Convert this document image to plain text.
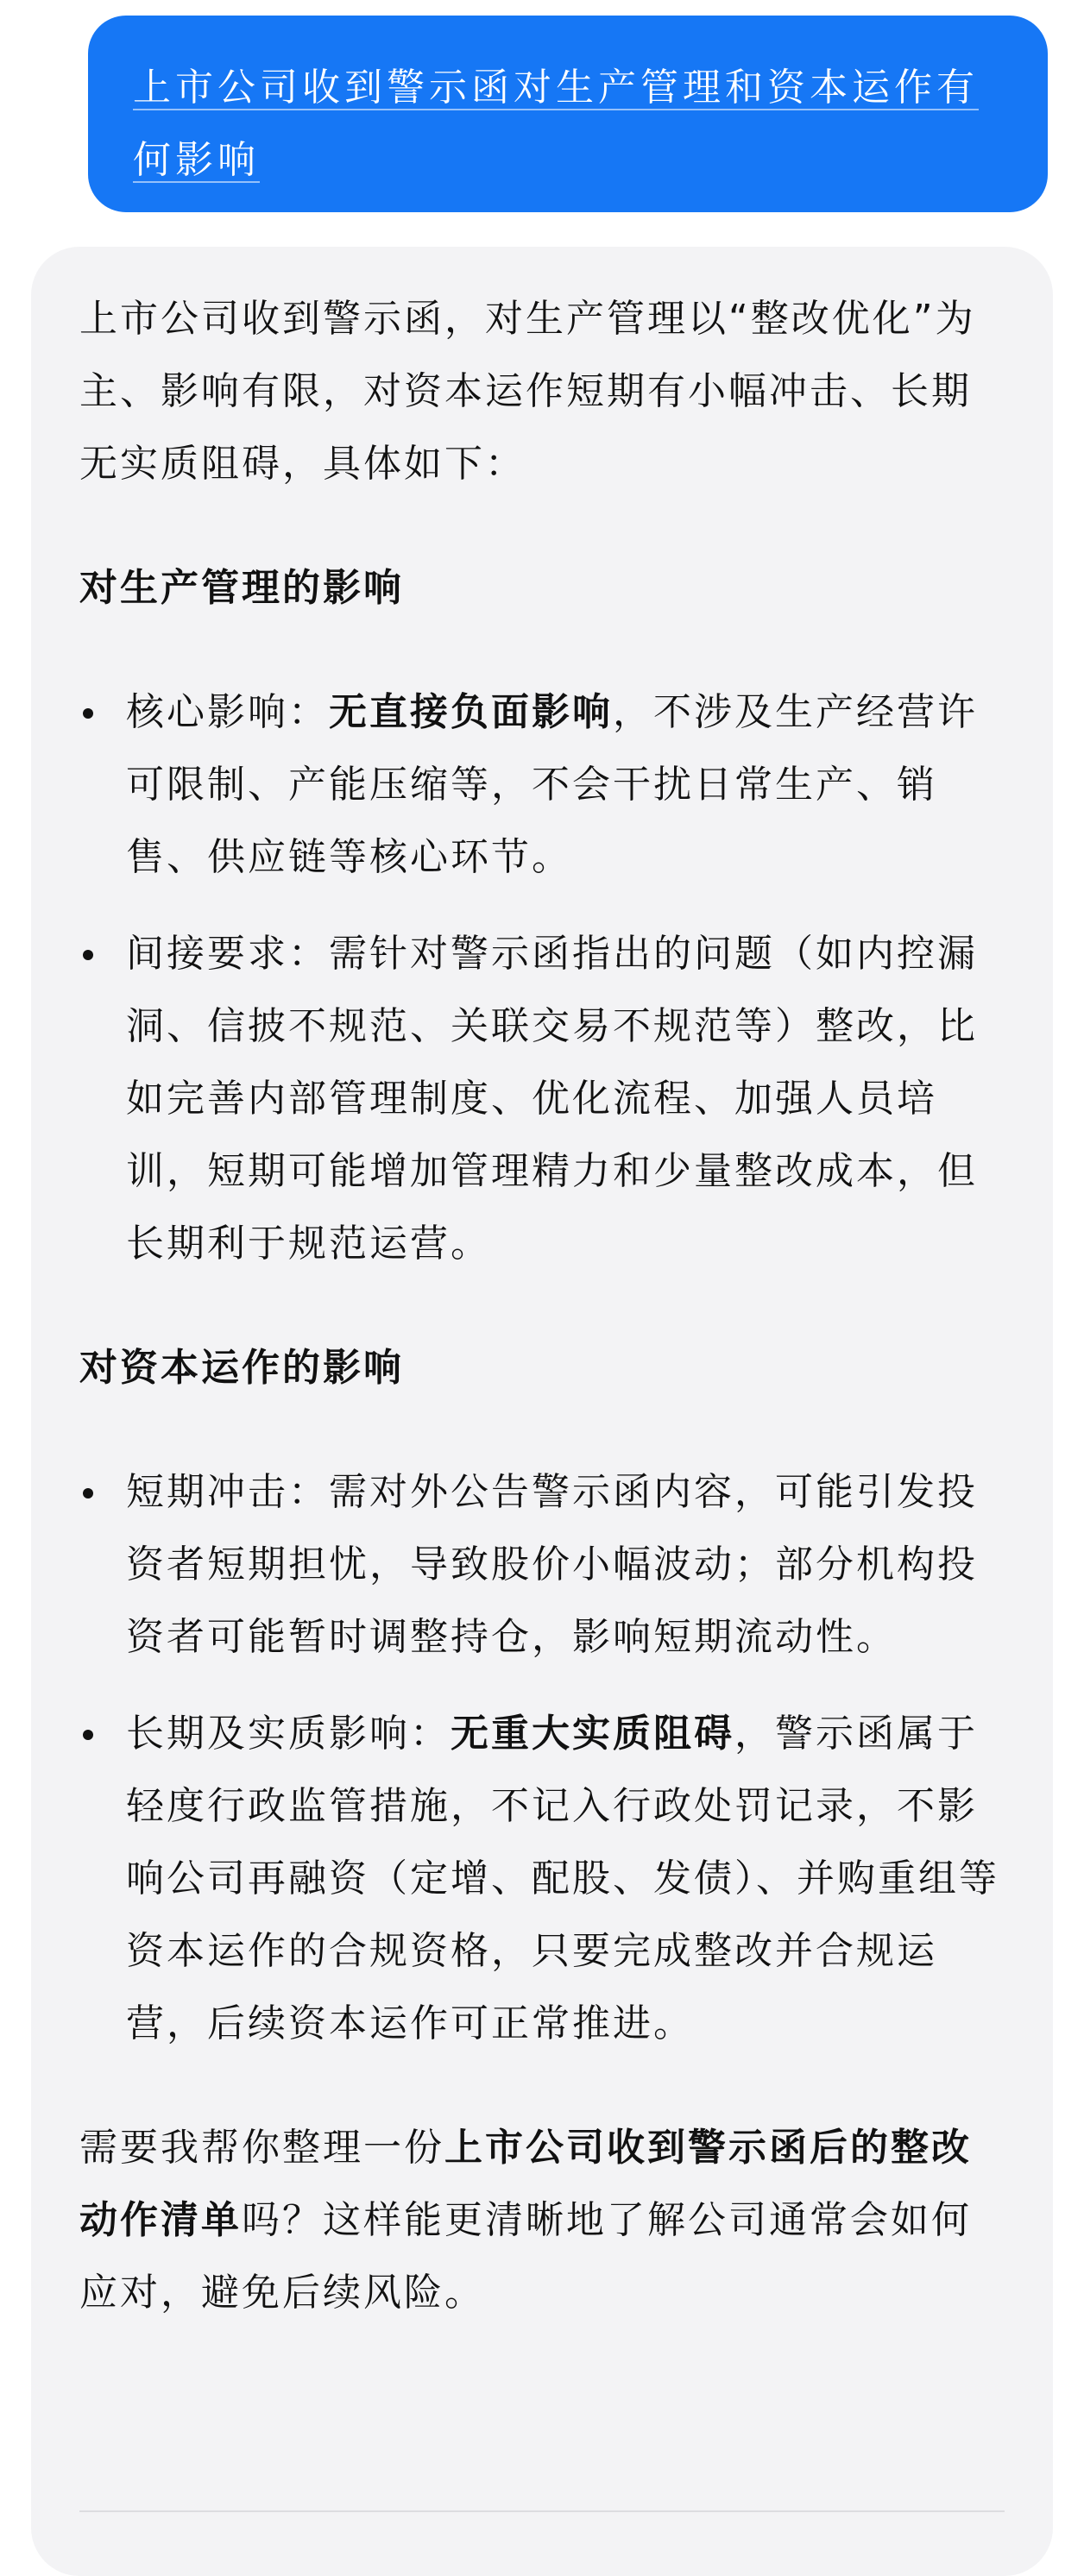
上市公司收到警示函对生产管理和资本运作有何影响

上市公司收到警示函，对生产管理以“整改优化”为主、影响有限，对资本运作短期有小幅冲击、长期无实质阻碍，具体如下：

对生产管理的影响

核心影响：无直接负面影响，不涉及生产经营许可限制、产能压缩等，不会干扰日常生产、销售、供应链等核心环节。
间接要求：需针对警示函指出的问题（如内控漏洞、信披不规范、关联交易不规范等）整改，比如完善内部管理制度、优化流程、加强人员培训，短期可能增加管理精力和少量整改成本，但长期利于规范运营。

对资本运作的影响

短期冲击：需对外公告警示函内容，可能引发投资者短期担忧，导致股价小幅波动；部分机构投资者可能暂时调整持仓，影响短期流动性。
长期及实质影响：无重大实质阻碍，警示函属于轻度行政监管措施，不记入行政处罚记录，不影响公司再融资（定增、配股、发债）、并购重组等资本运作的合规资格，只要完成整改并合规运营，后续资本运作可正常推进。

需要我帮你整理一份上市公司收到警示函后的整改动作清单吗？这样能更清晰地了解公司通常会如何应对，避免后续风险。
